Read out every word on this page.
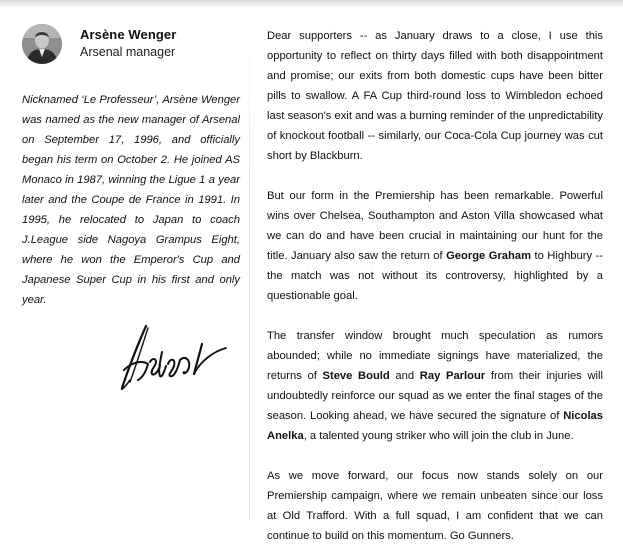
Arsène Wenger
Arsenal manager
Nicknamed ‘Le Professeur’, Arsène Wenger was named as the new manager of Arsenal on September 17, 1996, and officially began his term on October 2. He joined AS Monaco in 1987, winning the Ligue 1 a year later and the Coupe de France in 1991. In 1995, he relocated to Japan to coach J.League side Nagoya Grampus Eight, where he won the Emperor's Cup and Japanese Super Cup in his first and only year.

Dear supporters -- as January draws to a close, I use this opportunity to reflect on thirty days filled with both disappointment and promise; our exits from both domestic cups have been bitter pills to swallow. A FA Cup third-round loss to Wimbledon echoed last season's exit and was a burning reminder of the unpredictability of knockout football -- similarly, our Coca-Cola Cup journey was cut short by Blackburn.

But our form in the Premiership has been remarkable. Powerful wins over Chelsea, Southampton and Aston Villa showcased what we can do and have been crucial in maintaining our hunt for the title. January also saw the return of George Graham to Highbury -- the match was not without its controversy, highlighted by a questionable goal.

The transfer window brought much speculation as rumors abounded; while no immediate signings have materialized, the returns of Steve Bould and Ray Parlour from their injuries will undoubtedly reinforce our squad as we enter the final stages of the season. Looking ahead, we have secured the signature of Nicolas Anelka, a talented young striker who will join the club in June.

As we move forward, our focus now stands solely on our Premiership campaign, where we remain unbeaten since our loss at Old Trafford. With a full squad, I am confident that we can continue to build on this momentum. Go Gunners.
